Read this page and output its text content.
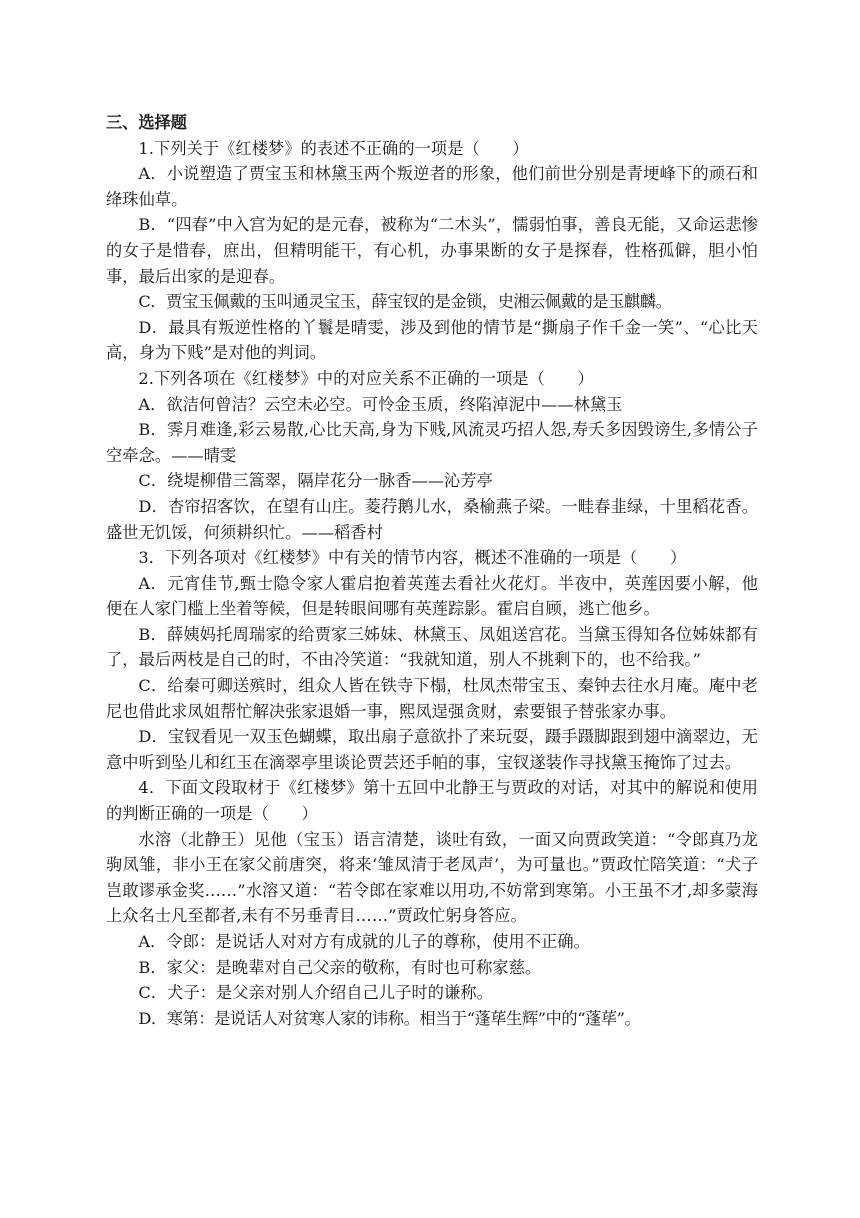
三、选择题

1.下列关于《红楼梦》的表述不正确的一项是（　　）

A．小说塑造了贾宝玉和林黛玉两个叛逆者的形象，他们前世分别是青埂峰下的顽石和绛珠仙草。

B．“四春”中入宫为妃的是元春，被称为“二木头”，懦弱怕事，善良无能，又命运悲惨的女子是惜春，庶出，但精明能干，有心机，办事果断的女子是探春，性格孤僻，胆小怕事，最后出家的是迎春。

C．贾宝玉佩戴的玉叫通灵宝玉，薛宝钗的是金锁，史湘云佩戴的是玉麒麟。

D．最具有叛逆性格的丫鬟是晴雯，涉及到他的情节是“撕扇子作千金一笑”、“心比天高，身为下贱”是对他的判词。

2.下列各项在《红楼梦》中的对应关系不正确的一项是（　　）

A．欲洁何曾洁？云空未必空。可怜金玉质，终陷淖泥中——林黛玉

B．霁月难逢,彩云易散,心比天高,身为下贱,风流灵巧招人怨,寿夭多因毁谤生,多情公子空牵念。——晴雯

C．绕堤柳借三篙翠，隔岸花分一脉香——沁芳亭

D．杏帘招客饮，在望有山庄。菱荇鹅儿水，桑榆燕子梁。一畦春韭绿，十里稻花香。盛世无饥馁，何须耕织忙。——稻香村

3．下列各项对《红楼梦》中有关的情节内容，概述不准确的一项是（　　）

A．元宵佳节,甄士隐令家人霍启抱着英莲去看社火花灯。半夜中，英莲因要小解，他便在人家门槛上坐着等候，但是转眼间哪有英莲踪影。霍启自顾，逃亡他乡。

B．薛姨妈托周瑞家的给贾家三姊妹、林黛玉、凤姐送宫花。当黛玉得知各位姊妹都有了，最后两枝是自己的时，不由冷笑道：“我就知道，别人不挑剩下的，也不给我。”

C．给秦可卿送殡时，组众人皆在铁寺下榻，杜凤杰带宝玉、秦钟去往水月庵。庵中老尼也借此求凤姐帮忙解决张家退婚一事，熙凤逞强贪财，索要银子替张家办事。

D．宝钗看见一双玉色蝴蝶，取出扇子意欲扑了来玩耍，蹑手蹑脚跟到翅中滴翠边，无意中听到坠儿和红玉在滴翠亭里谈论贾芸还手帕的事，宝钗遂装作寻找黛玉掩饰了过去。

4．下面文段取材于《红楼梦》第十五回中北静王与贾政的对话，对其中的解说和使用的判断正确的一项是（　　）

水溶（北静王）见他（宝玉）语言清楚，谈吐有致，一面又向贾政笑道：“令郎真乃龙驹凤雏，非小王在家父前唐突，将来‘雏凤清于老凤声’，为可量也。”贾政忙陪笑道：“犬子岂敢谬承金奖……”水溶又道：“若令郎在家难以用功,不妨常到寒第。小王虽不才,却多蒙海上众名士凡至都者,未有不另垂青目……”贾政忙躬身答应。

A．令郎：是说话人对对方有成就的儿子的尊称，使用不正确。

B．家父：是晚辈对自己父亲的敬称，有时也可称家慈。

C．犬子：是父亲对别人介绍自己儿子时的谦称。

D．寒第：是说话人对贫寒人家的讳称。相当于“蓬荜生辉”中的“蓬荜”。
